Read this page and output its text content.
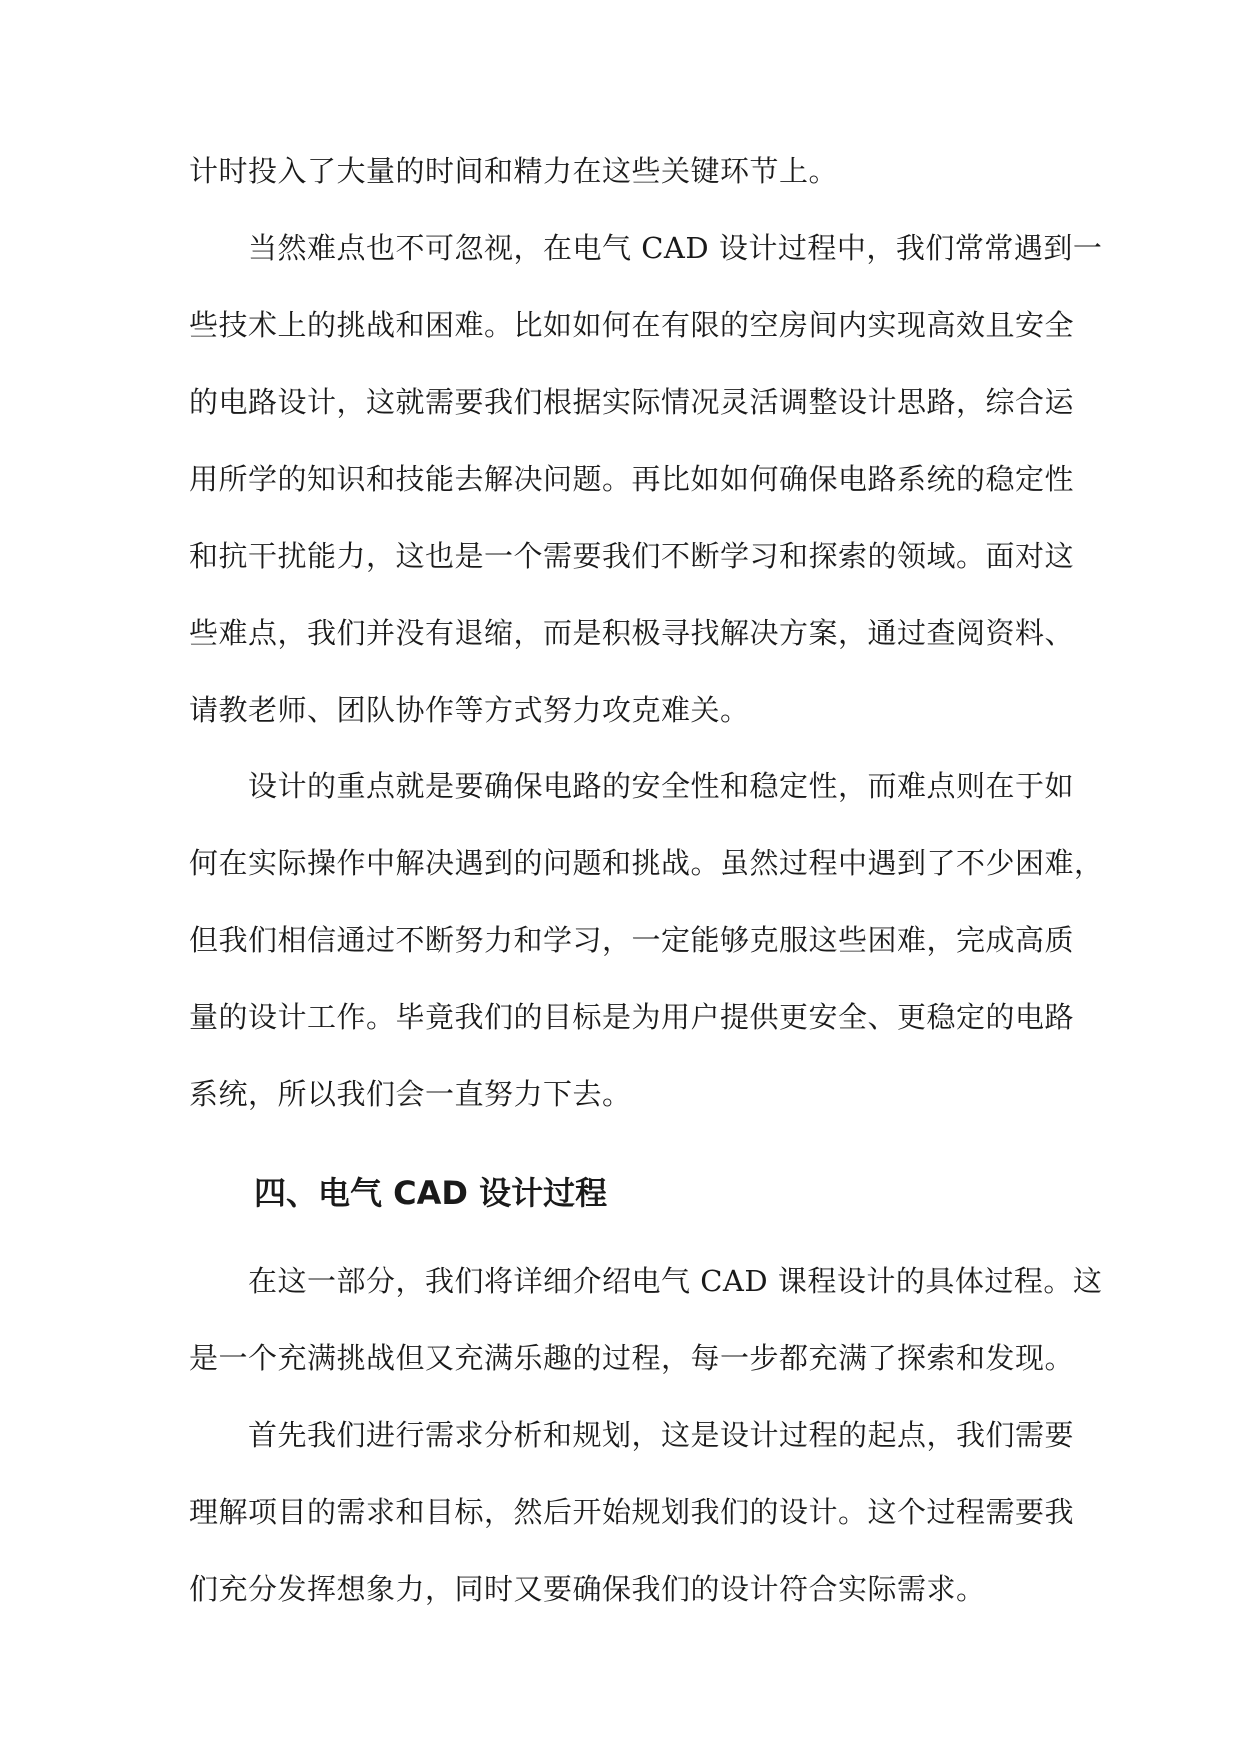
计时投入了大量的时间和精力在这些关键环节上。
当然难点也不可忽视，在电气 CAD 设计过程中，我们常常遇到一
些技术上的挑战和困难。比如如何在有限的空房间内实现高效且安全
的电路设计，这就需要我们根据实际情况灵活调整设计思路，综合运
用所学的知识和技能去解决问题。再比如如何确保电路系统的稳定性
和抗干扰能力，这也是一个需要我们不断学习和探索的领域。面对这
些难点，我们并没有退缩，而是积极寻找解决方案，通过查阅资料、
请教老师、团队协作等方式努力攻克难关。
设计的重点就是要确保电路的安全性和稳定性，而难点则在于如
何在实际操作中解决遇到的问题和挑战。虽然过程中遇到了不少困难，
但我们相信通过不断努力和学习，一定能够克服这些困难，完成高质
量的设计工作。毕竟我们的目标是为用户提供更安全、更稳定的电路
系统，所以我们会一直努力下去。
四、电气 CAD 设计过程
在这一部分，我们将详细介绍电气 CAD 课程设计的具体过程。这
是一个充满挑战但又充满乐趣的过程，每一步都充满了探索和发现。
首先我们进行需求分析和规划，这是设计过程的起点，我们需要
理解项目的需求和目标，然后开始规划我们的设计。这个过程需要我
们充分发挥想象力，同时又要确保我们的设计符合实际需求。
